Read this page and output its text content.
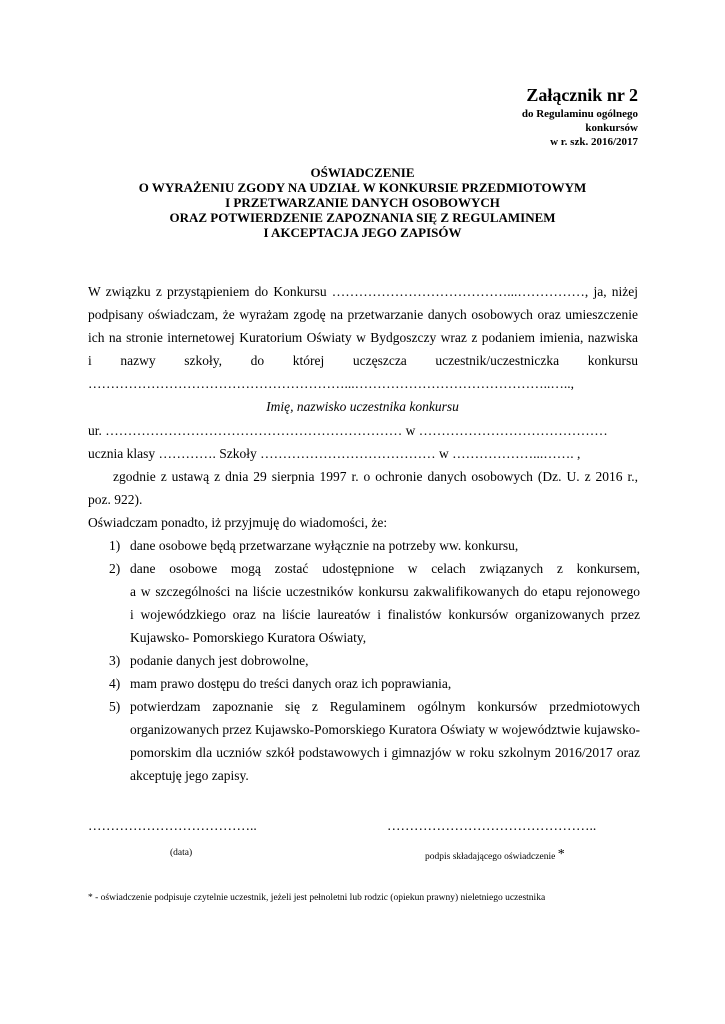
Załącznik nr 2
do Regulaminu ogólnego
konkursów
w r. szk. 2016/2017
OŚWIADCZENIE
O WYRAŻENIU ZGODY NA UDZIAŁ W KONKURSIE PRZEDMIOTOWYM
I PRZETWARZANIE DANYCH OSOBOWYCH
ORAZ POTWIERDZENIE ZAPOZNANIA SIĘ Z REGULAMINEM
I AKCEPTACJA JEGO ZAPISÓW
W związku z przystąpieniem do Konkursu …………………………………...……………, ja, niżej
podpisany oświadczam, że wyrażam zgodę na przetwarzanie danych osobowych oraz umieszczenie
ich na stronie internetowej Kuratorium Oświaty w Bydgoszczy wraz z podaniem imienia, nazwiska
i nazwy szkoły, do której uczęszcza uczestnik/uczestniczka konkursu
…………………………………………………...……………………………………..…..,
Imię, nazwisko uczestnika konkursu
ur. ………………………………………………………… w ……………………………………
ucznia klasy …………. Szkoły ………………………………… w ………………...……. ,
zgodnie z ustawą z dnia 29 sierpnia 1997 r. o ochronie danych osobowych (Dz. U. z 2016 r.,
poz. 922).
Oświadczam ponadto, iż przyjmuję do wiadomości, że:
1) dane osobowe będą przetwarzane wyłącznie na potrzeby ww. konkursu,
2) dane osobowe mogą zostać udostępnione w celach związanych z konkursem,
a w szczególności na liście uczestników konkursu zakwalifikowanych do etapu rejonowego
i wojewódzkiego oraz na liście laureatów i finalistów konkursów organizowanych przez
Kujawsko- Pomorskiego Kuratora Oświaty,
3) podanie danych jest dobrowolne,
4) mam prawo dostępu do treści danych oraz ich poprawiania,
5) potwierdzam zapoznanie się z Regulaminem ogólnym konkursów przedmiotowych
organizowanych przez Kujawsko-Pomorskiego Kuratora Oświaty w województwie kujawsko-
pomorskim dla uczniów szkół podstawowych i gimnazjów w roku szkolnym 2016/2017 oraz
akceptuję jego zapisy.
………………………………..	………………………………………..
(data)	podpis składającego oświadczenie *
* - oświadczenie podpisuje czytelnie uczestnik, jeżeli jest pełnoletni lub rodzic (opiekun prawny) nieletniego uczestnika
